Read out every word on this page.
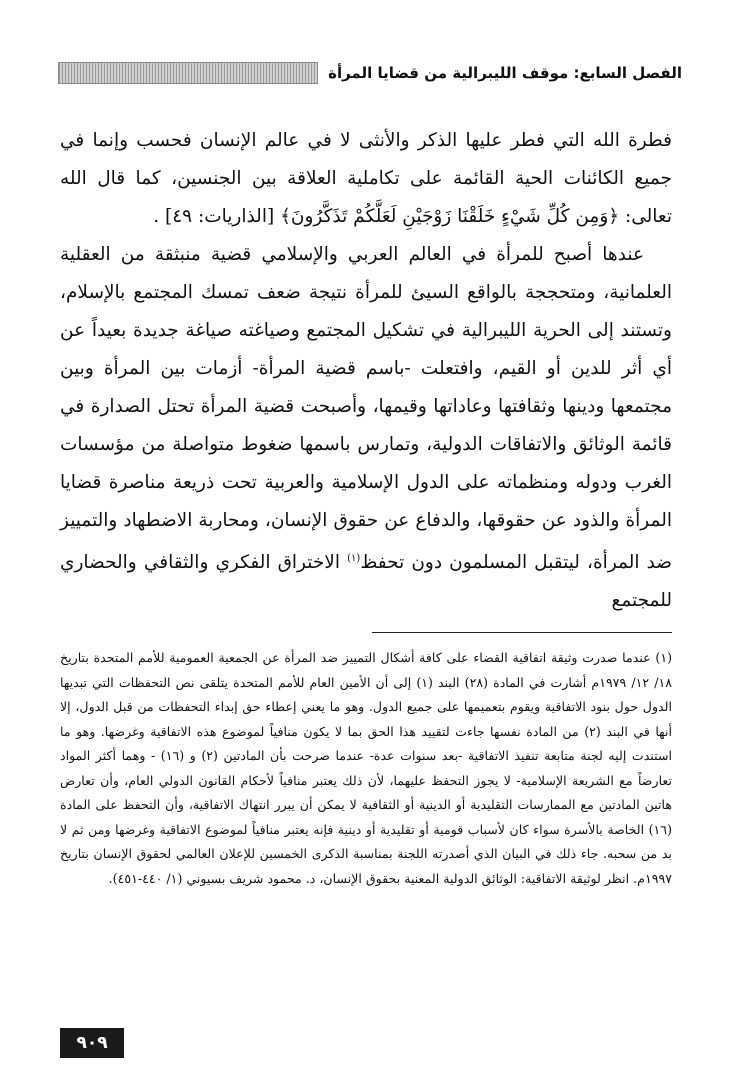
الفصل السابع: موقف الليبرالية من قضايا المرأة

فطرة الله التي فطر عليها الذكر والأنثى لا في عالم الإنسان فحسب وإنما في جميع الكائنات الحية القائمة على تكاملية العلاقة بين الجنسين، كما قال الله تعالى: ﴿وَمِن كُلِّ شَيْءٍ خَلَقْنَا زَوْجَيْنِ لَعَلَّكُمْ تَذَكَّرُونَ﴾ [الذاريات: ٤٩] .

عندها أصبح للمرأة في العالم العربي والإسلامي قضية منبثقة من العقلية العلمانية، ومتحججة بالواقع السيئ للمرأة نتيجة ضعف تمسك المجتمع بالإسلام، وتستند إلى الحرية الليبرالية في تشكيل المجتمع وصياغته صياغة جديدة بعيداً عن أي أثر للدين أو القيم، وافتعلت -باسم قضية المرأة- أزمات بين المرأة وبين مجتمعها ودينها وثقافتها وعاداتها وقيمها، وأصبحت قضية المرأة تحتل الصدارة في قائمة الوثائق والاتفاقات الدولية، وتمارس باسمها ضغوط متواصلة من مؤسسات الغرب ودوله ومنظماته على الدول الإسلامية والعربية تحت ذريعة مناصرة قضايا المرأة والذود عن حقوقها، والدفاع عن حقوق الإنسان، ومحاربة الاضطهاد والتمييز ضد المرأة، ليتقبل المسلمون دون تحفظ$^{(١)}$ الاختراق الفكري والثقافي والحضاري للمجتمع

(١) عندما صدرت وثيقة اتفاقية القضاء على كافة أشكال التمييز ضد المرأة عن الجمعية العمومية للأمم المتحدة بتاريخ ١٨/ ١٢/ ١٩٧٩م أشارت في المادة (٢٨) البند (١) إلى أن الأمين العام للأمم المتحدة يتلقى نص التحفظات التي تبديها الدول حول بنود الاتفاقية ويقوم بتعميمها على جميع الدول. وهو ما يعني إعطاء حق إبداء التحفظات من قبل الدول، إلا أنها في البند (٢) من المادة نفسها جاءت لتقييد هذا الحق بما لا يكون منافياً لموضوع هذه الاتفاقية وغرضها. وهو ما استندت إليه لجنة متابعة تنفيذ الاتفاقية -بعد سنوات عدة- عندما صرحت بأن المادتين (٢) و (١٦) - وهما أكثر المواد تعارضاً مع الشريعة الإسلامية- لا يجوز التحفظ عليهما، لأن ذلك يعتبر منافياً لأحكام القانون الدولي العام، وأن تعارض هاتين المادتين مع الممارسات التقليدية أو الدينية أو الثقافية لا يمكن أن يبرر انتهاك الاتفاقية، وأن التحفظ على المادة (١٦) الخاصة بالأسرة سواء كان لأسباب قومية أو تقليدية أو دينية فإنه يعتبر منافياً لموضوع الاتفاقية وغرضها ومن ثم لا بد من سحبه. جاء ذلك في البيان الذي أصدرته اللجنة بمناسبة الذكرى الخمسين للإعلان العالمي لحقوق الإنسان بتاريخ ١٩٩٧م. انظر لوثيقة الاتفاقية: الوثائق الدولية المعنية بحقوق الإنسان، د. محمود شريف بسيوني (١/ ٤٤٠-٤٥١).

٩٠٩
